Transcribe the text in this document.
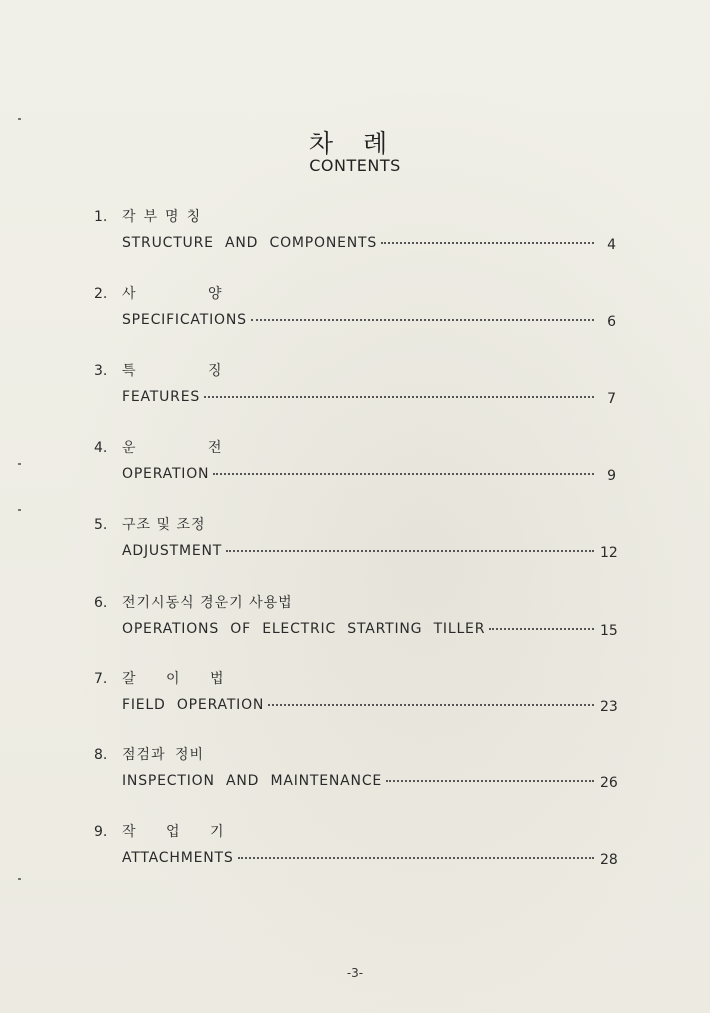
차례
CONTENTS
1. 각부명칭
STRUCTURE AND COMPONENTS	4
2. 사 양
SPECIFICATIONS	6
3. 특 징
FEATURES	7
4. 운 전
OPERATION	9
5. 구조 및 조정
ADJUSTMENT	12
6. 전기시동식 경운기 사용법
OPERATIONS OF ELECTRIC STARTING TILLER	15
7. 갈 이 법
FIELD OPERATION	23
8. 점검과 정비
INSPECTION AND MAINTENANCE	26
9. 작 업 기
ATTACHMENTS	28
-3-
